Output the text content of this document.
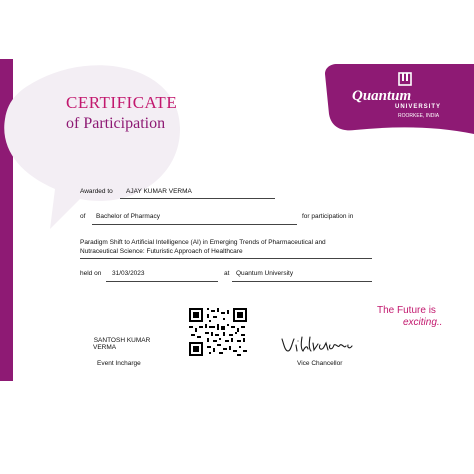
CERTIFICATE
of Participation
Quantum
UNIVERSITY
ROORKEE, INDIA
Awarded to AJAY KUMAR VERMA
of Bachelor of Pharmacy	for participation in
Paradigm Shift to Artificial Intelligence (AI) in Emerging Trends of Pharmaceutical and
Nutraceutical Science: Futuristic Approach of Healthcare
held on 31/03/2023	at Quantum University
The Future is
exciting..
SANTOSH KUMAR
VERMA
Event Incharge	Vice Chancellor
